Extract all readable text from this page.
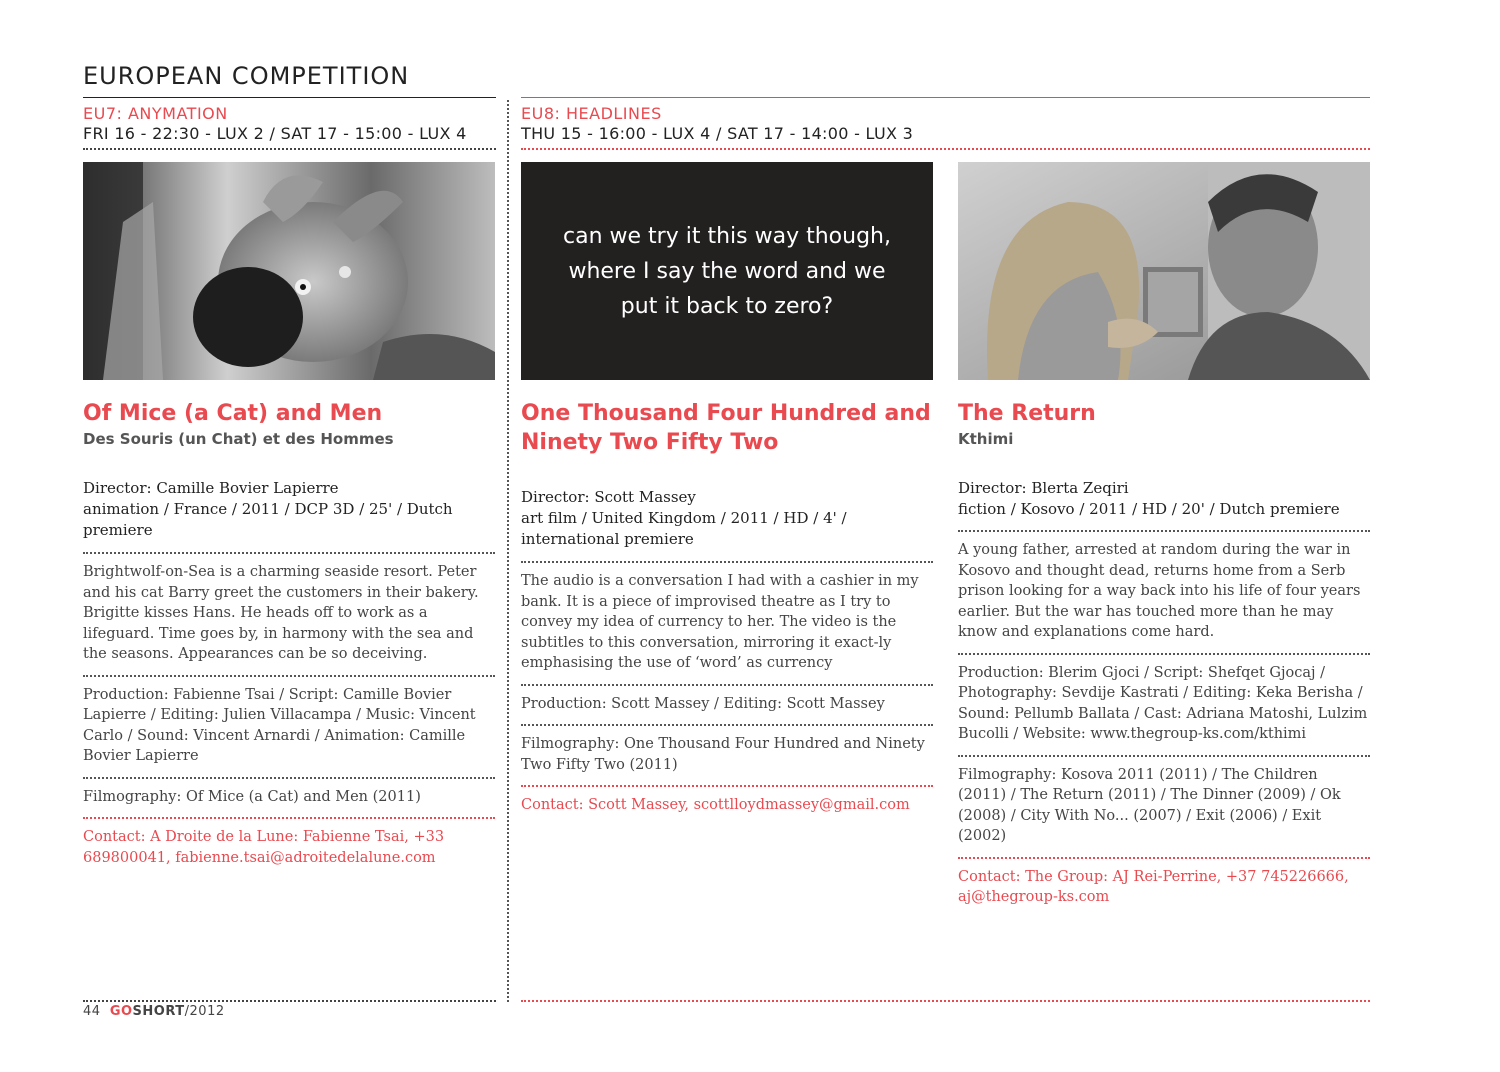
EUROPEAN COMPETITION
EU7: ANYMATION
FRI 16 - 22:30 - LUX 2 / SAT 17 - 15:00 - LUX 4
EU8: HEADLINES
THU 15 - 16:00 - LUX 4 / SAT 17 - 14:00 - LUX 3
Of Mice (a Cat) and Men
Des Souris (un Chat) et des Hommes
Director: Camille Bovier Lapierre
animation / France / 2011 / DCP 3D / 25' / Dutch premiere
Brightwolf-on-Sea is a charming seaside resort. Peter and his cat Barry greet the customers in their bakery. Brigitte kisses Hans. He heads off to work as a lifeguard. Time goes by, in harmony with the sea and the seasons. Appearances can be so deceiving.
Production: Fabienne Tsai / Script: Camille Bovier Lapierre / Editing: Julien Villacampa / Music: Vincent Carlo / Sound: Vincent Arnardi / Animation: Camille Bovier Lapierre
Filmography: Of Mice (a Cat) and Men (2011)
Contact: A Droite de la Lune: Fabienne Tsai, +33 689800041, fabienne.tsai@adroitedelalune.com
can we try it this way though, where I say the word and we put it back to zero?
One Thousand Four Hundred and Ninety Two Fifty Two
Director: Scott Massey
art film / United Kingdom / 2011 / HD / 4' / international premiere
The audio is a conversation I had with a cashier in my bank. It is a piece of improvised theatre as I try to convey my idea of currency to her. The video is the subtitles to this conversation, mirroring it exact-ly emphasising the use of ‘word’ as currency
Production: Scott Massey / Editing: Scott Massey
Filmography: One Thousand Four Hundred and Ninety Two Fifty Two (2011)
Contact: Scott Massey, scottlloydmassey@gmail.com
The Return
Kthimi
Director: Blerta Zeqiri
fiction / Kosovo / 2011 / HD / 20' / Dutch premiere
A young father, arrested at random during the war in Kosovo and thought dead, returns home from a Serb prison looking for a way back into his life of four years earlier. But the war has touched more than he may know and explanations come hard.
Production: Blerim Gjoci / Script: Shefqet Gjocaj / Photography: Sevdije Kastrati / Editing: Keka Berisha / Sound: Pellumb Ballata / Cast: Adriana Matoshi, Lulzim Bucolli / Website: www.thegroup-ks.com/kthimi
Filmography: Kosova 2011 (2011) / The Children (2011) / The Return (2011) / The Dinner (2009) / Ok (2008) / City With No... (2007) / Exit (2006) / Exit (2002)
Contact: The Group: AJ Rei-Perrine, +37 745226666, aj@thegroup-ks.com
44 GOSHORT/2012
